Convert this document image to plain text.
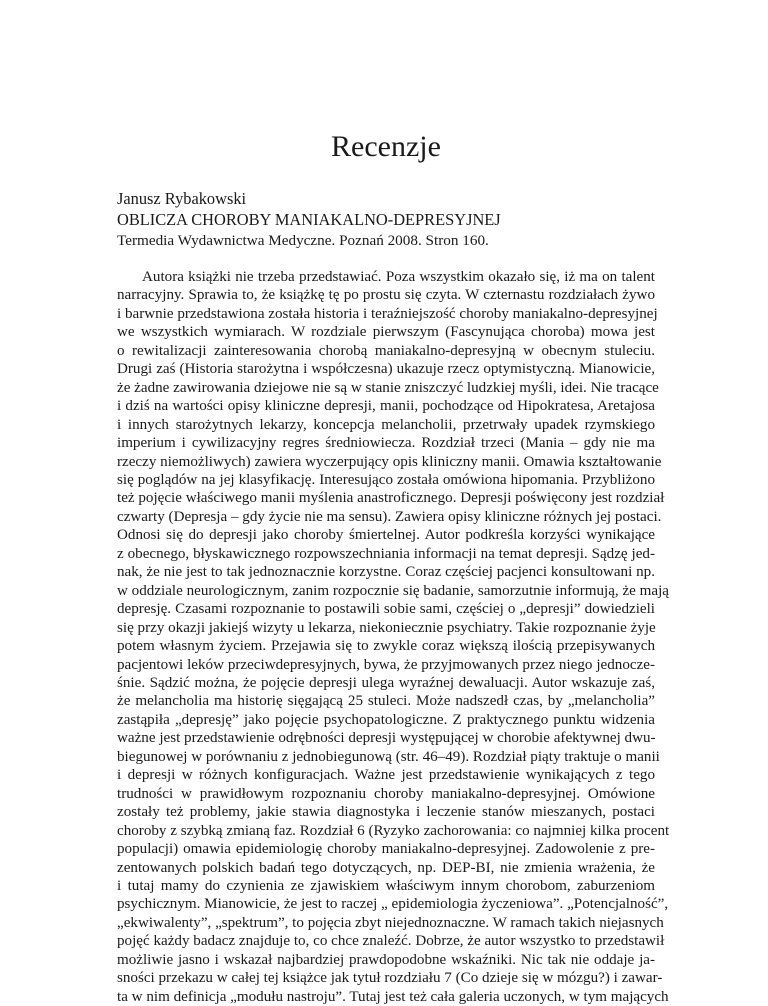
Recenzje
Janusz Rybakowski
OBLICZA CHOROBY MANIAKALNO-DEPRESYJNEJ
Termedia Wydawnictwa Medyczne. Poznań 2008. Stron 160.
Autora książki nie trzeba przedstawiać. Poza wszystkim okazało się, iż ma on talent
narracyjny. Sprawia to, że książkę tę po prostu się czyta. W czternastu rozdziałach żywo
i barwnie przedstawiona została historia i teraźniejszość choroby maniakalno-depresyjnej
we wszystkich wymiarach. W rozdziale pierwszym (Fascynująca choroba) mowa jest
o rewitalizacji zainteresowania chorobą maniakalno-depresyjną w obecnym stuleciu.
Drugi zaś (Historia starożytna i współczesna) ukazuje rzecz optymistyczną. Mianowicie,
że żadne zawirowania dziejowe nie są w stanie zniszczyć ludzkiej myśli, idei. Nie tracące
i dziś na wartości opisy kliniczne depresji, manii, pochodzące od Hipokratesa, Aretajosa
i innych starożytnych lekarzy, koncepcja melancholii, przetrwały upadek rzymskiego
imperium i cywilizacyjny regres średniowiecza. Rozdział trzeci (Mania – gdy nie ma
rzeczy niemożliwych) zawiera wyczerpujący opis kliniczny manii. Omawia kształtowanie
się poglądów na jej klasyfikację. Interesująco została omówiona hipomania. Przybliżono
też pojęcie właściwego manii myślenia anastroficznego. Depresji poświęcony jest rozdział
czwarty (Depresja – gdy życie nie ma sensu). Zawiera opisy kliniczne różnych jej postaci.
Odnosi się do depresji jako choroby śmiertelnej. Autor podkreśla korzyści wynikające
z obecnego, błyskawicznego rozpowszechniania informacji na temat depresji. Sądzę jed-
nak, że nie jest to tak jednoznacznie korzystne. Coraz częściej pacjenci konsultowani np.
w oddziale neurologicznym, zanim rozpocznie się badanie, samorzutnie informują, że mają
depresję. Czasami rozpoznanie to postawili sobie sami, częściej o „depresji” dowiedzieli
się przy okazji jakiejś wizyty u lekarza, niekoniecznie psychiatry. Takie rozpoznanie żyje
potem własnym życiem. Przejawia się to zwykle coraz większą ilością przepisywanych
pacjentowi leków przeciwdepresyjnych, bywa, że przyjmowanych przez niego jednocze-
śnie. Sądzić można, że pojęcie depresji ulega wyraźnej dewaluacji. Autor wskazuje zaś,
że melancholia ma historię sięgającą 25 stuleci. Może nadszedł czas, by „melancholia”
zastąpiła „depresję” jako pojęcie psychopatologiczne. Z praktycznego punktu widzenia
ważne jest przedstawienie odrębności depresji występującej w chorobie afektywnej dwu-
biegunowej w porównaniu z jednobiegunową (str. 46–49). Rozdział piąty traktuje o manii
i depresji w różnych konfiguracjach. Ważne jest przedstawienie wynikających z tego
trudności w prawidłowym rozpoznaniu choroby maniakalno-depresyjnej. Omówione
zostały też problemy, jakie stawia diagnostyka i leczenie stanów mieszanych, postaci
choroby z szybką zmianą faz. Rozdział 6 (Ryzyko zachorowania: co najmniej kilka procent
populacji) omawia epidemiologię choroby maniakalno-depresyjnej. Zadowolenie z pre-
zentowanych polskich badań tego dotyczących, np. DEP-BI, nie zmienia wrażenia, że
i tutaj mamy do czynienia ze zjawiskiem właściwym innym chorobom, zaburzeniom
psychicznym. Mianowicie, że jest to raczej „ epidemiologia życzeniowa”. „Potencjalność”,
„ekwiwalenty”, „spektrum”, to pojęcia zbyt niejednoznaczne. W ramach takich niejasnych
pojęć każdy badacz znajduje to, co chce znaleźć. Dobrze, że autor wszystko to przedstawił
możliwie jasno i wskazał najbardziej prawdopodobne wskaźniki. Nic tak nie oddaje ja-
sności przekazu w całej tej książce jak tytuł rozdziału 7 (Co dzieje się w mózgu?) i zawar-
ta w nim definicja „modułu nastroju”. Tutaj jest też cała galeria uczonych, w tym mających
